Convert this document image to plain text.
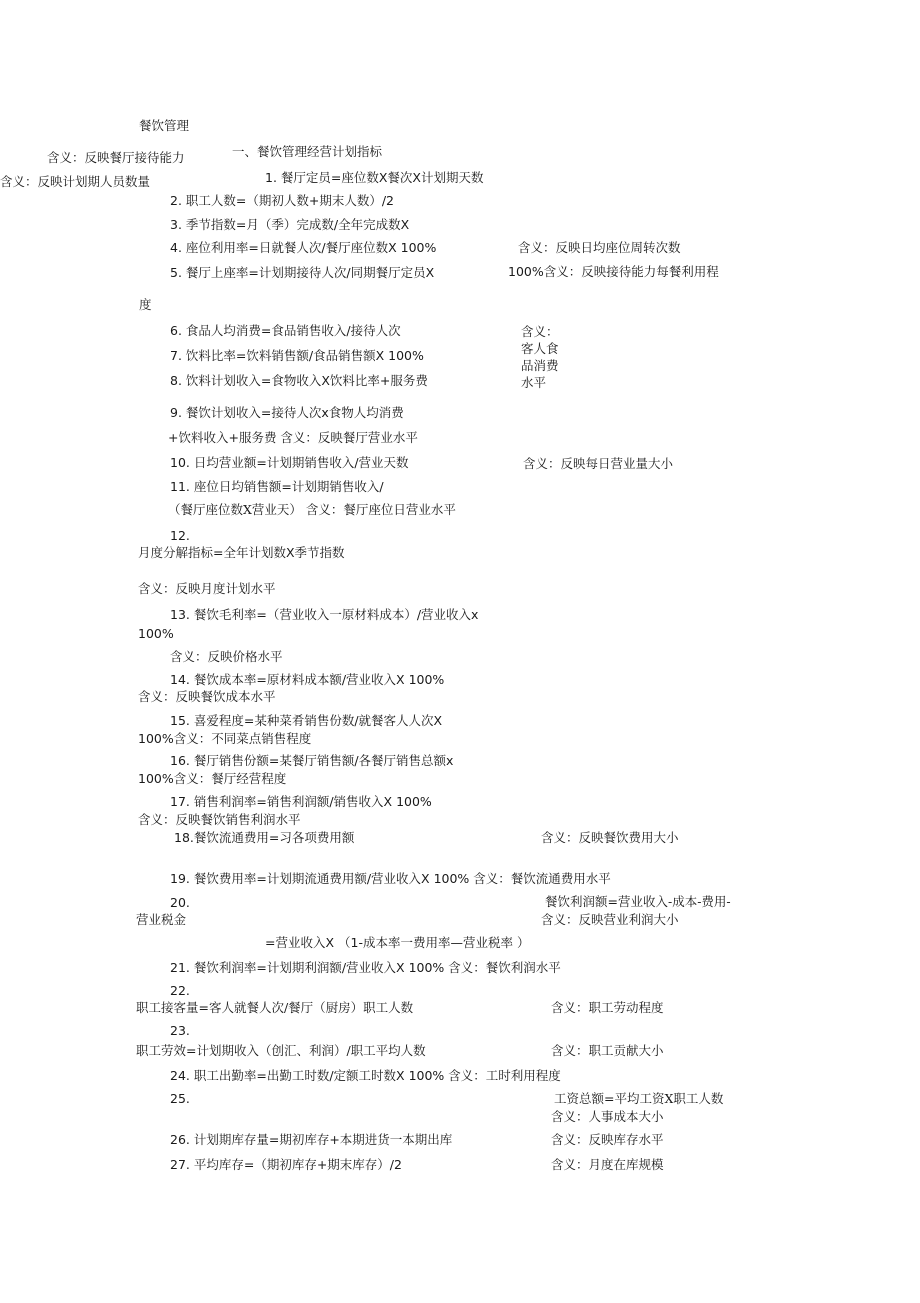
餐饮管理
一、餐饮管理经营计划指标
含义：反映餐厅接待能力
1. 餐厅定员=座位数X餐次X计划期天数
含义：反映计划期人员数量
2. 职工人数=（期初人数+期末人数）/2
3. 季节指数=月（季）完成数/全年完成数X
4. 座位利用率=日就餐人次/餐厅座位数X 100%	含义：反映日均座位周转次数
5. 餐厅上座率=计划期接待人次/同期餐厅定员X	100%含义：反映接待能力每餐利用程
度
6. 食品人均消费=食品销售收入/接待人次	含义：
客人食
7. 饮料比率=饮料销售额/食品销售额X 100%
品消费
8. 饮料计划收入=食物收入X饮料比率+服务费	水平
9. 餐饮计划收入=接待人次x食物人均消费
+饮料收入+服务费 含义：反映餐厅营业水平
10. 日均营业额=计划期销售收入/营业天数	含义：反映每日营业量大小
11. 座位日均销售额=计划期销售收入/
（餐厅座位数X营业天） 含义：餐厅座位日营业水平
12.
月度分解指标=全年计划数X季节指数
含义：反映月度计划水平
13. 餐饮毛利率=（营业收入一原材料成本）/营业收入x
100%
含义：反映价格水平
14. 餐饮成本率=原材料成本额/营业收入X 100%
含义：反映餐饮成本水平
15. 喜爱程度=某种菜肴销售份数/就餐客人人次X
100%含义：不同菜点销售程度
16. 餐厅销售份额=某餐厅销售额/各餐厅销售总额x
100%含义：餐厅经营程度
17. 销售利润率=销售利润额/销售收入X 100%
含义：反映餐饮销售利润水平
18.餐饮流通费用=习各项费用额	含义：反映餐饮费用大小
19. 餐饮费用率=计划期流通费用额/营业收入X 100% 含义：餐饮流通费用水平
20.	餐饮利润额=营业收入-成本-费用-
营业税金	含义：反映营业利润大小
=营业收入X （1-成本率一费用率—营业税率 ）
21. 餐饮利润率=计划期利润额/营业收入X 100% 含义：餐饮利润水平
22.
职工接客量=客人就餐人次/餐厅（厨房）职工人数	含义：职工劳动程度
23.
职工劳效=计划期收入（创汇、利润）/职工平均人数	含义：职工贡献大小
24. 职工出勤率=出勤工时数/定额工时数X 100% 含义：工时利用程度
25.	工资总额=平均工资X职工人数
含义：人事成本大小
26. 计划期库存量=期初库存+本期进货一本期出库	含义：反映库存水平
27. 平均库存=（期初库存+期末库存）/2	含义：月度在库规模
